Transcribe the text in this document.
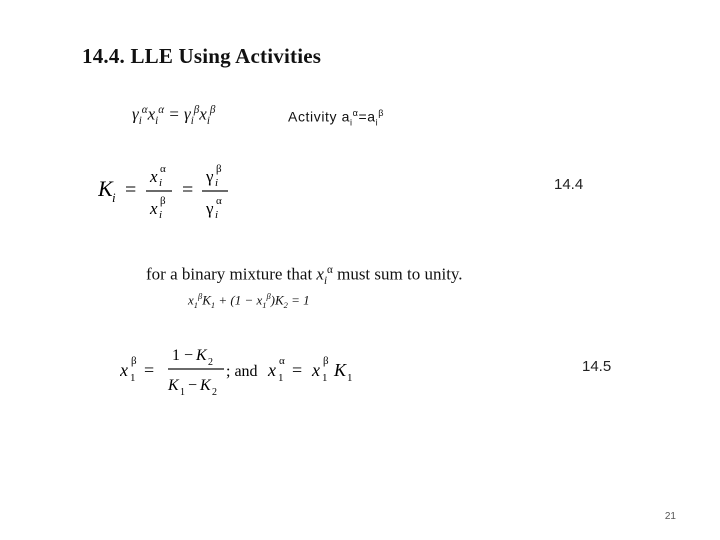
14.4. LLE Using Activities
$\gamma_i^\alpha x_i^\alpha = \gamma_i^\beta x_i^\beta$	Activity $a_i^\alpha=a_i^\beta$
K i =
x i
α
x i
β =
γ i
β
γ i
α
14.4
for a binary mixture that $x_i^\alpha$ must sum to unity.
$x_1^\beta K_1 + (1 - x_1^\beta)K_2 = 1$
x 1
β =
1 − K 2
K 1 − K 2
; and x 1
α = x 1
β K 1
14.5
21
